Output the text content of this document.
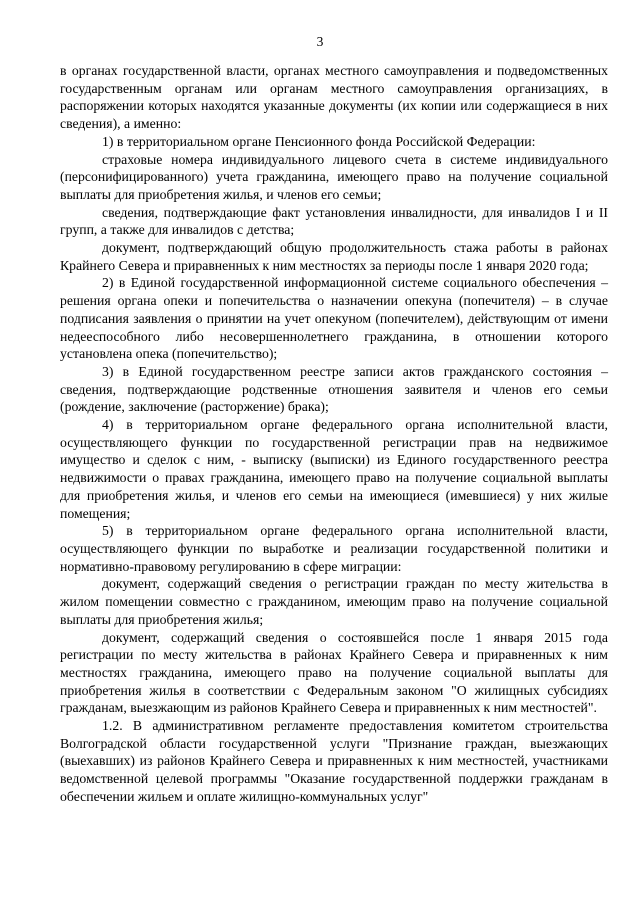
3

в органах государственной власти, органах местного самоуправления и подведомственных государственным органам или органам местного самоуправления организациях, в распоряжении которых находятся указанные документы (их копии или содержащиеся в них сведения), а именно:

1) в территориальном органе Пенсионного фонда Российской Федерации:

страховые номера индивидуального лицевого счета в системе индивидуального (персонифицированного) учета гражданина, имеющего право на получение социальной выплаты для приобретения жилья, и членов его семьи;

сведения, подтверждающие факт установления инвалидности, для инвалидов I и II групп, а также для инвалидов с детства;

документ, подтверждающий общую продолжительность стажа работы в районах Крайнего Севера и приравненных к ним местностях за периоды после 1 января 2020 года;

2) в Единой государственной информационной системе социального обеспечения – решения органа опеки и попечительства о назначении опекуна (попечителя) – в случае подписания заявления о принятии на учет опекуном (попечителем), действующим от имени недееспособного либо несовершеннолетнего гражданина, в отношении которого установлена опека (попечительство);

3) в Единой государственном реестре записи актов гражданского состояния – сведения, подтверждающие родственные отношения заявителя и членов его семьи (рождение, заключение (расторжение) брака);

4) в территориальном органе федерального органа исполнительной власти, осуществляющего функции по государственной регистрации прав на недвижимое имущество и сделок с ним, - выписку (выписки) из Единого государственного реестра недвижимости о правах гражданина, имеющего право на получение социальной выплаты для приобретения жилья, и членов его семьи на имеющиеся (имевшиеся) у них жилые помещения;

5) в территориальном органе федерального органа исполнительной власти, осуществляющего функции по выработке и реализации государственной политики и нормативно-правовому регулированию в сфере миграции:

документ, содержащий сведения о регистрации граждан по месту жительства в жилом помещении совместно с гражданином, имеющим право на получение социальной выплаты для приобретения жилья;

документ, содержащий сведения о состоявшейся после 1 января 2015 года регистрации по месту жительства в районах Крайнего Севера и приравненных к ним местностях гражданина, имеющего право на получение социальной выплаты для приобретения жилья в соответствии с Федеральным законом "О жилищных субсидиях гражданам, выезжающим из районов Крайнего Севера и приравненных к ним местностей".

1.2. В административном регламенте предоставления комитетом строительства Волгоградской области государственной услуги "Признание граждан, выезжающих (выехавших) из районов Крайнего Севера и приравненных к ним местностей, участниками ведомственной целевой программы "Оказание государственной поддержки гражданам в обеспечении жильем и оплате жилищно-коммунальных услуг"
